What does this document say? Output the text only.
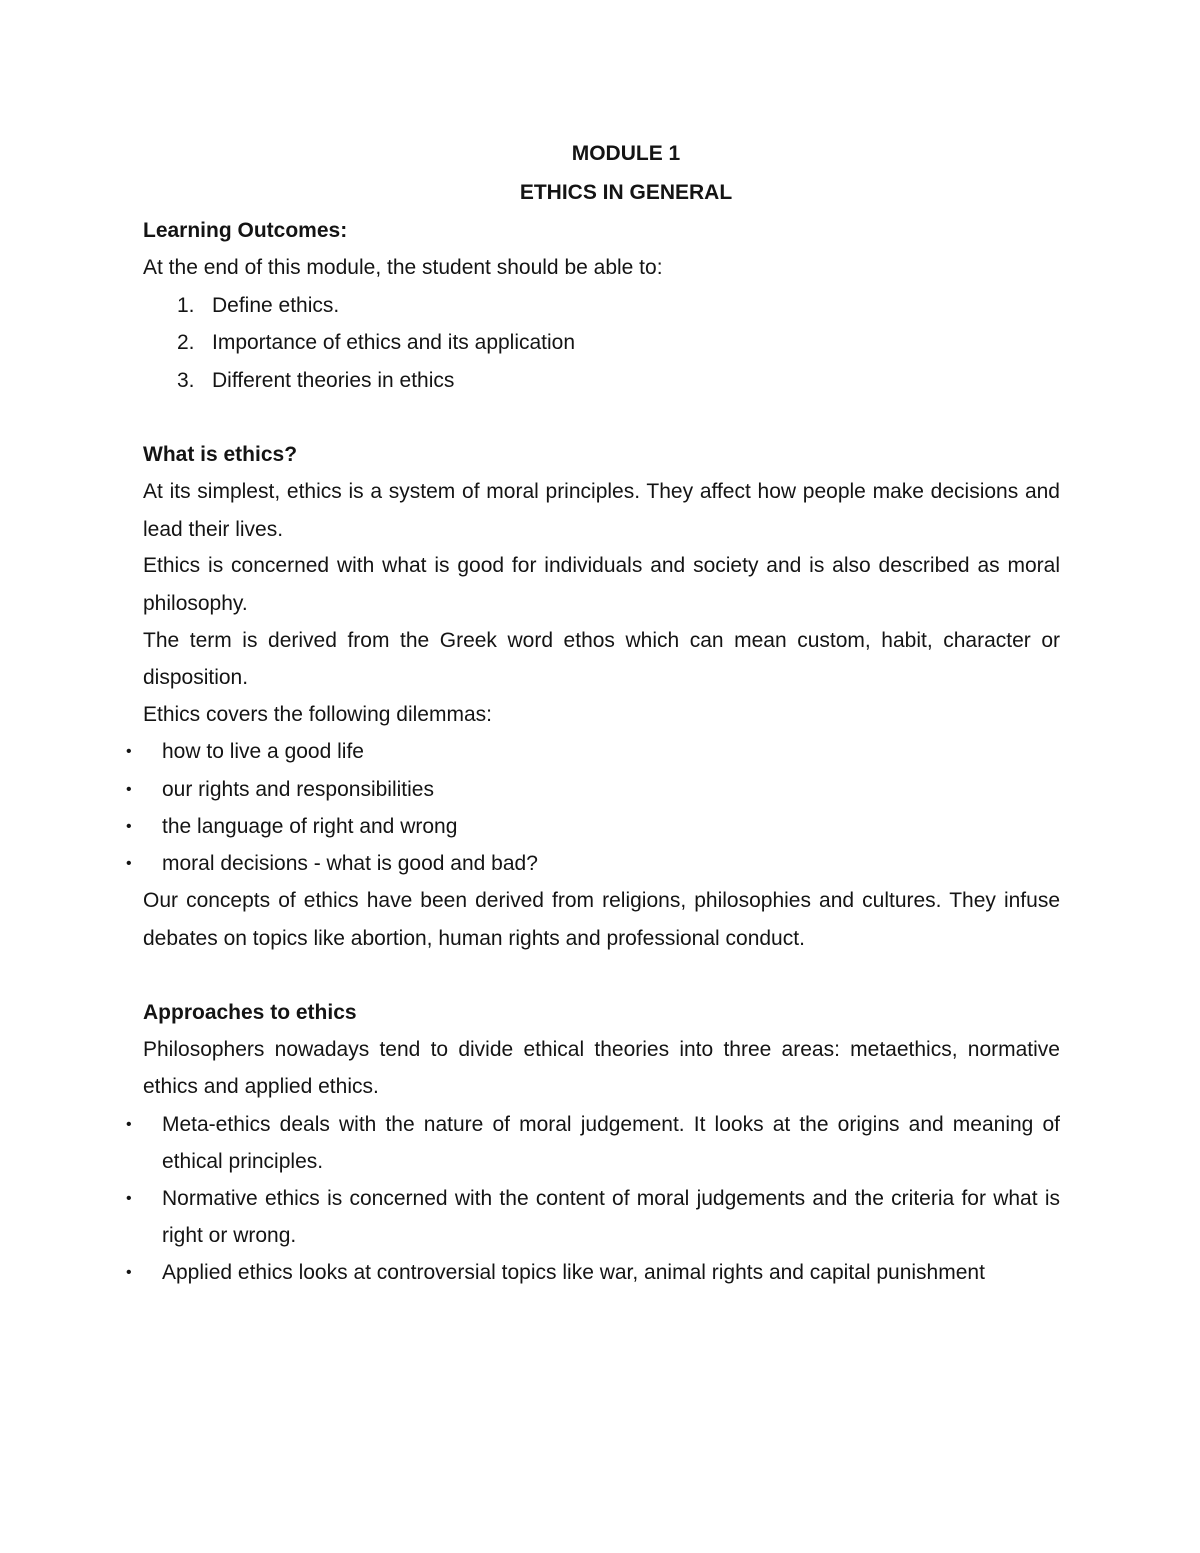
MODULE 1
ETHICS IN GENERAL
Learning Outcomes:
At the end of this module, the student should be able to:
1. Define ethics.
2. Importance of ethics and its application
3. Different theories in ethics
What is ethics?
At its simplest, ethics is a system of moral principles. They affect how people make decisions and
lead their lives.
Ethics is concerned with what is good for individuals and society and is also described as moral
philosophy.
The term is derived from the Greek word ethos which can mean custom, habit, character or
disposition.
Ethics covers the following dilemmas:
• how to live a good life
• our rights and responsibilities
• the language of right and wrong
• moral decisions - what is good and bad?
Our concepts of ethics have been derived from religions, philosophies and cultures. They infuse
debates on topics like abortion, human rights and professional conduct.
Approaches to ethics
Philosophers nowadays tend to divide ethical theories into three areas: metaethics, normative
ethics and applied ethics.
• Meta-ethics deals with the nature of moral judgement. It looks at the origins and meaning of
ethical principles.
• Normative ethics is concerned with the content of moral judgements and the criteria for what is
right or wrong.
• Applied ethics looks at controversial topics like war, animal rights and capital punishment
